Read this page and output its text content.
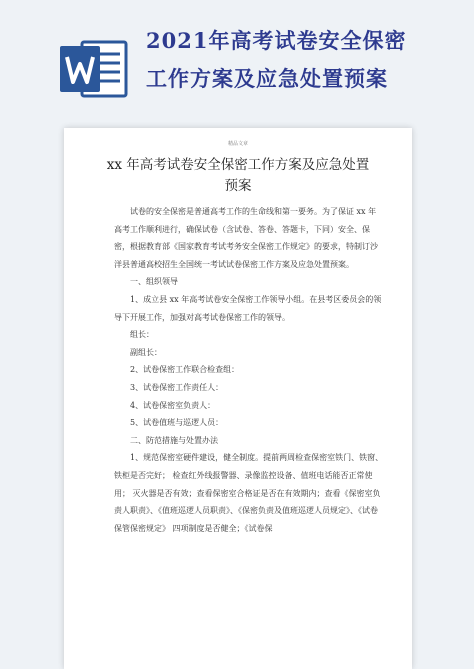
2021年高考试卷安全保密
工作方案及应急处置预案
精品文章
xx 年高考试卷安全保密工作方案及应急处置预案

试卷的安全保密是普通高考工作的生命线和第一要务。为了保证 xx 年高考工作顺利进行，确保试卷（含试卷、答卷、答题卡，下同）安全、保密，根据教育部《国家教育考试考务安全保密工作规定》的要求，特制订沙洋县普通高校招生全国统一考试试卷保密工作方案及应急处置预案。

一、组织领导

1、成立县 xx 年高考试卷安全保密工作领导小组。在县考区委员会的领导下开展工作，加强对高考试卷保密工作的领导。

组长：

副组长：

2、试卷保密工作联合检查组：

3、试卷保密工作责任人：

4、试卷保密室负责人：

5、试卷值班与巡逻人员：

二、防范措施与处置办法

1、规范保密室硬件建设，健全制度。提前两周检查保密室铁门、铁窗、铁柜是否完好； 检查红外线报警器、录像监控设备、值班电话能否正常使用； 灭火器是否有效；查看保密室合格证是否在有效期内；查看《保密室负责人职责》、《值班巡逻人员职责》、《保密负责及值班巡逻人员规定》、《试卷保管保密规定》 四项制度是否健全；《试卷保
